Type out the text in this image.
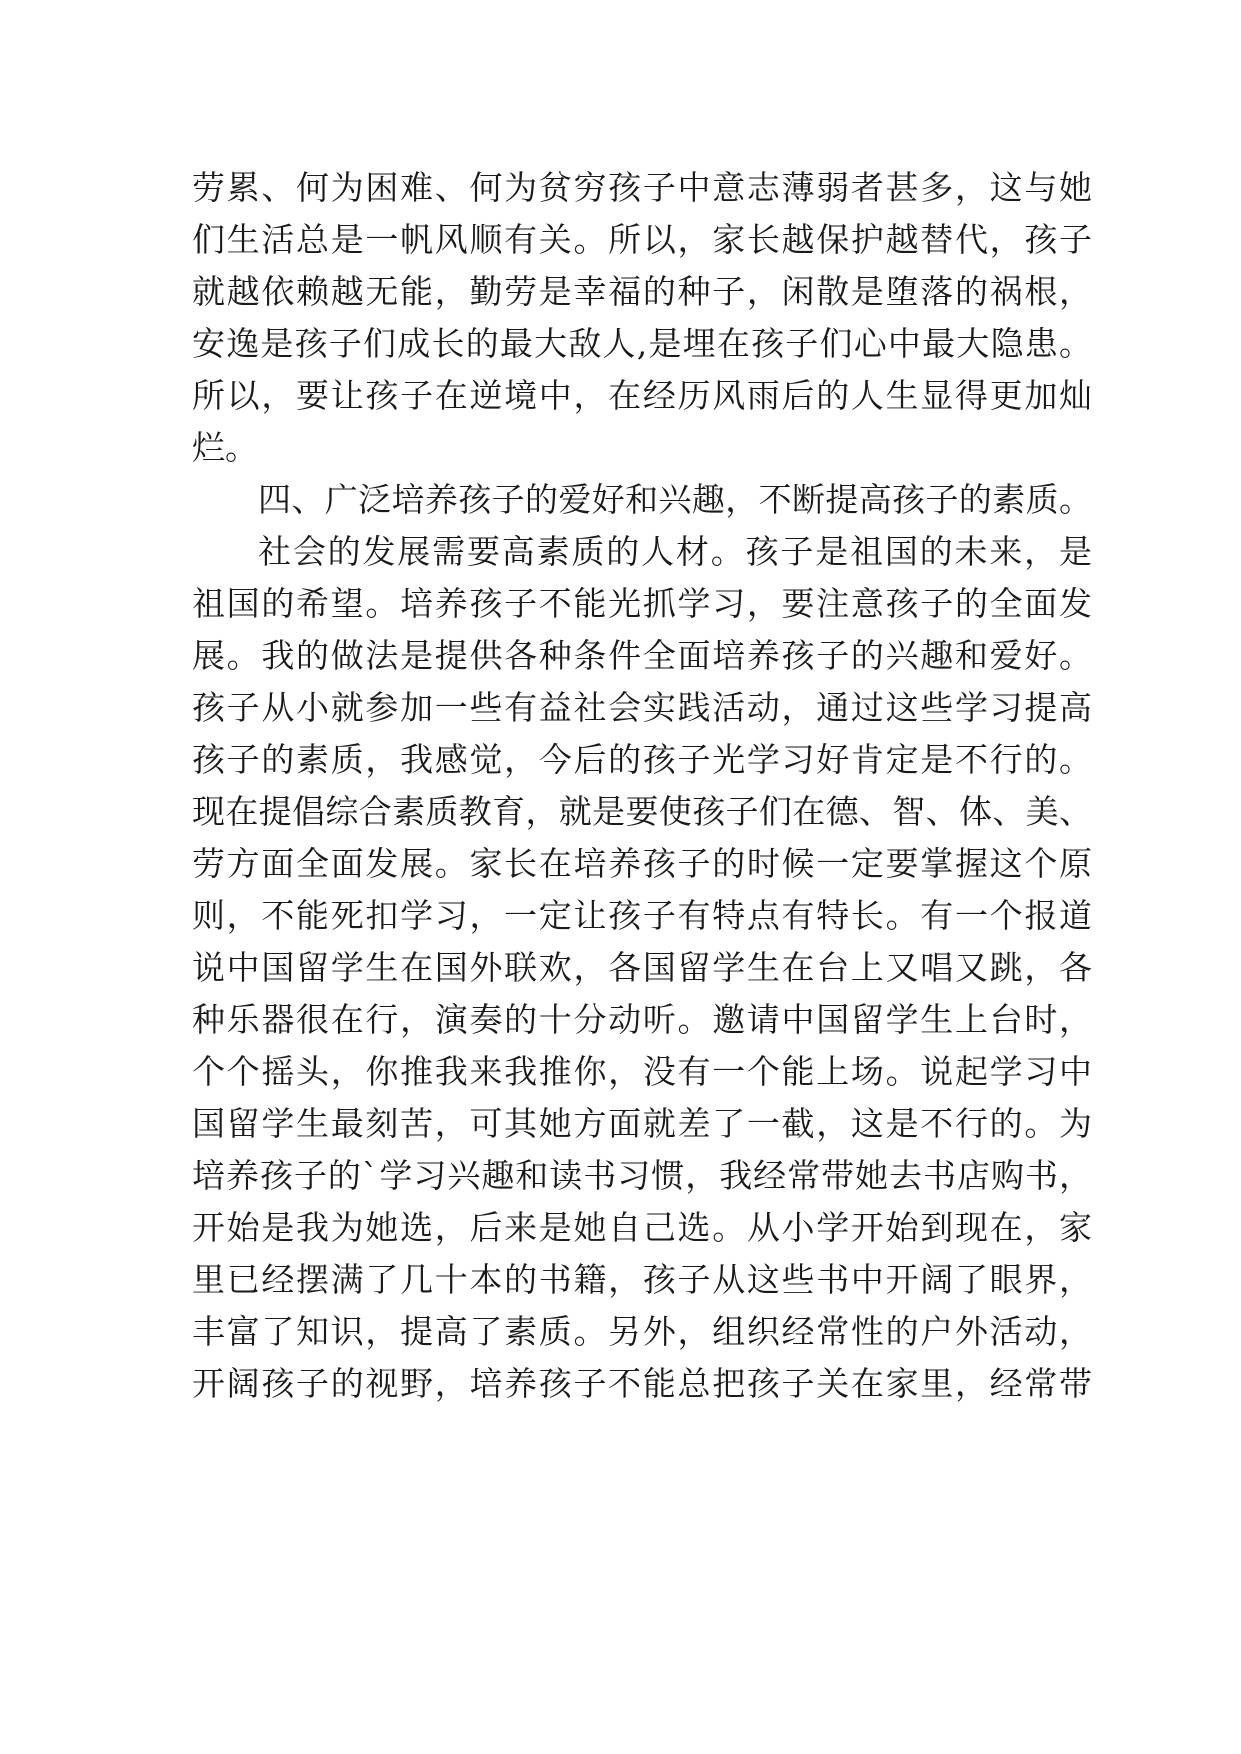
劳累、何为困难、何为贫穷孩子中意志薄弱者甚多，这与她
们生活总是一帆风顺有关。所以，家长越保护越替代，孩子
就越依赖越无能，勤劳是幸福的种子，闲散是堕落的祸根，
安逸是孩子们成长的最大敌人,是埋在孩子们心中最大隐患。
所以，要让孩子在逆境中，在经历风雨后的人生显得更加灿
烂。
四、广泛培养孩子的爱好和兴趣，不断提高孩子的素质。
社会的发展需要高素质的人材。孩子是祖国的未来，是
祖国的希望。培养孩子不能光抓学习，要注意孩子的全面发
展。我的做法是提供各种条件全面培养孩子的兴趣和爱好。
孩子从小就参加一些有益社会实践活动，通过这些学习提高
孩子的素质，我感觉，今后的孩子光学习好肯定是不行的。
现在提倡综合素质教育，就是要使孩子们在德、智、体、美、
劳方面全面发展。家长在培养孩子的时候一定要掌握这个原
则，不能死扣学习，一定让孩子有特点有特长。有一个报道
说中国留学生在国外联欢，各国留学生在台上又唱又跳，各
种乐器很在行，演奏的十分动听。邀请中国留学生上台时，
个个摇头，你推我来我推你，没有一个能上场。说起学习中
国留学生最刻苦，可其她方面就差了一截，这是不行的。为
培养孩子的`学习兴趣和读书习惯，我经常带她去书店购书，
开始是我为她选，后来是她自己选。从小学开始到现在，家
里已经摆满了几十本的书籍，孩子从这些书中开阔了眼界，
丰富了知识，提高了素质。另外，组织经常性的户外活动，
开阔孩子的视野，培养孩子不能总把孩子关在家里，经常带
